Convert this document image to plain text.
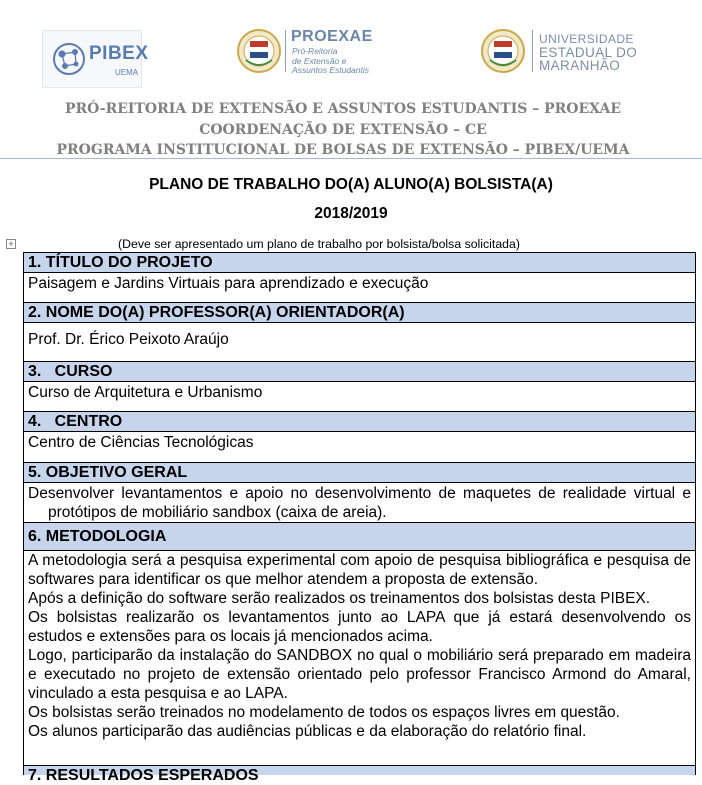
PIBEX
UEMA
PROEXAE
Pró-Reitoria
de Extensão e
Assuntos Estudantis
UNIVERSIDADE
ESTADUAL DO
MARANHÃO
PRÓ-REITORIA DE EXTENSÃO E ASSUNTOS ESTUDANTIS – PROEXAE
COORDENAÇÃO DE EXTENSÃO – CE
PROGRAMA INSTITUCIONAL DE BOLSAS DE EXTENSÃO – PIBEX/UEMA
PLANO DE TRABALHO DO(A) ALUNO(A) BOLSISTA(A)
2018/2019
+	(Deve ser apresentado um plano de trabalho por bolsista/bolsa solicitada)
1. TÍTULO DO PROJETO
Paisagem e Jardins Virtuais para aprendizado e execução
2. NOME DO(A) PROFESSOR(A) ORIENTADOR(A)
Prof. Dr. Érico Peixoto Araújo
3.   CURSO
Curso de Arquitetura e Urbanismo
4.   CENTRO
Centro de Ciências Tecnológicas
5. OBJETIVO GERAL
Desenvolver levantamentos e apoio no desenvolvimento de maquetes de realidade virtual e protótipos de mobiliário sandbox (caixa de areia).
6. METODOLOGIA

A metodologia será a pesquisa experimental com apoio de pesquisa bibliográfica e pesquisa de softwares para identificar os que melhor atendem a proposta de extensão.

Após a definição do software serão realizados os treinamentos dos bolsistas desta PIBEX.

Os bolsistas realizarão os levantamentos junto ao LAPA que já estará desenvolvendo os estudos e extensões para os locais já mencionados acima.

Logo, participarão da instalação do SANDBOX no qual o mobiliário será preparado em madeira e executado no projeto de extensão orientado pelo professor Francisco Armond do Amaral, vinculado a esta pesquisa e ao LAPA.

Os bolsistas serão treinados no modelamento de todos os espaços livres em questão.

Os alunos participarão das audiências públicas e da elaboração do relatório final.

7. RESULTADOS ESPERADOS
